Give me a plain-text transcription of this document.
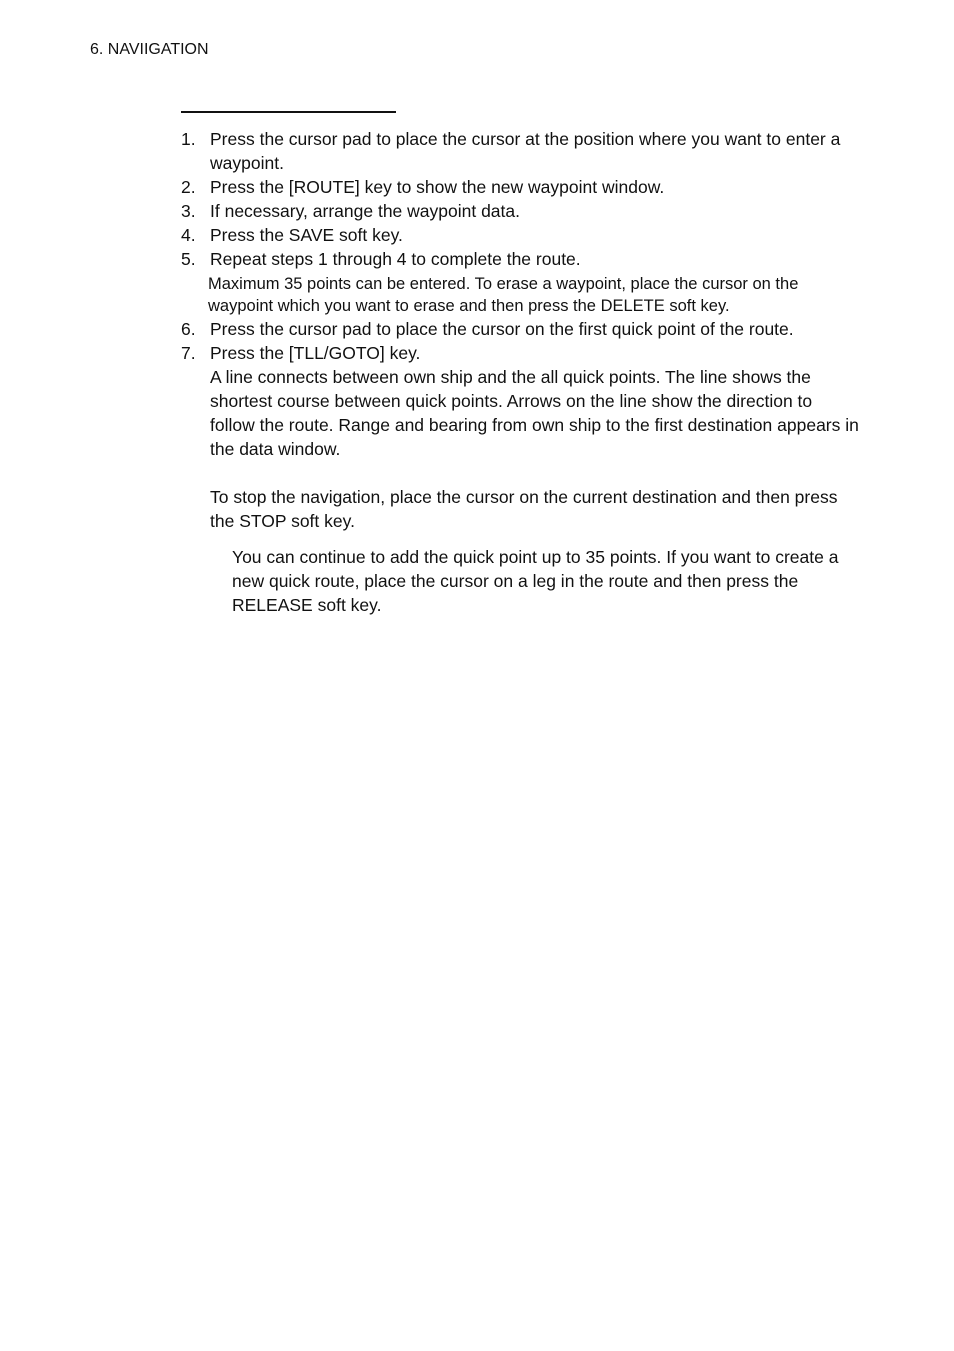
6. NAVIIGATION
1. Press the cursor pad to place the cursor at the position where you want to enter a waypoint.

2. Press the [ROUTE] key to show the new waypoint window.

3. If necessary, arrange the waypoint data.

4. Press the SAVE soft key.

5. Repeat steps 1 through 4 to complete the route.

Maximum 35 points can be entered. To erase a waypoint, place the cursor on the waypoint which you want to erase and then press the DELETE soft key.

6. Press the cursor pad to place the cursor on the first quick point of the route.

7. Press the [TLL/GOTO] key.

A line connects between own ship and the all quick points. The line shows the shortest course between quick points. Arrows on the line show the direction to follow the route. Range and bearing from own ship to the first destination appears in the data window.

To stop the navigation, place the cursor on the current destination and then press the STOP soft key.

You can continue to add the quick point up to 35 points. If you want to create a new quick route, place the cursor on a leg in the route and then press the RELEASE soft key.
